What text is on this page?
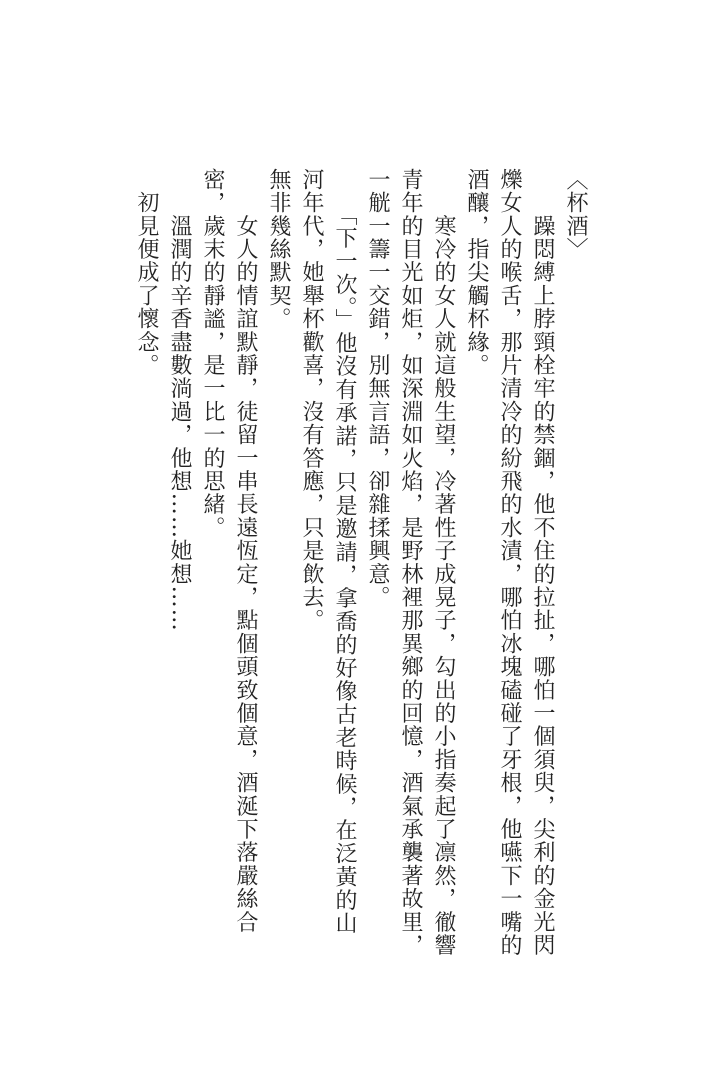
〈杯酒〉

　　躁悶縛上脖頸栓牢的禁錮，他不住的拉扯，哪怕一個須臾，尖利的金光閃

爍女人的喉舌，那片清冷的紛飛的水漬，哪怕冰塊磕碰了牙根，他嚥下一嘴的

酒釀，指尖觸杯緣。

　　寒冷的女人就這般生望，冷著性子成晃子，勾出的小指奏起了凛然，徹響

青年的目光如炬，如深淵如火焰，是野林裡那異鄉的回憶，酒氣承襲著故里，

一觥一籌一交錯，別無言語，卻雜揉興意。

　　「下一次。」他沒有承諾，只是邀請，拿喬的好像古老時候，在泛黃的山

河年代，她舉杯歡喜，沒有答應，只是飲去。

無非幾絲默契。

　　女人的情誼默靜，徒留一串長遠恆定，點個頭致個意，酒涎下落嚴絲合

密，歲末的靜謐，是一比一的思緒。

　　溫潤的辛香盡數淌過，他想……她想……

　初見便成了懷念。
